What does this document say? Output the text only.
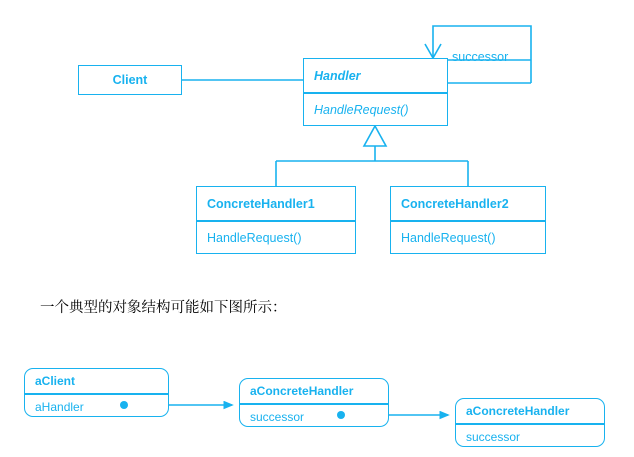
Client	Handler
HandleRequest()
successor
ConcreteHandler1
HandleRequest()
ConcreteHandler2
HandleRequest()
一个典型的对象结构可能如下图所示：
aClient
aHandler
aConcreteHandler
successor	aConcreteHandler
successor
